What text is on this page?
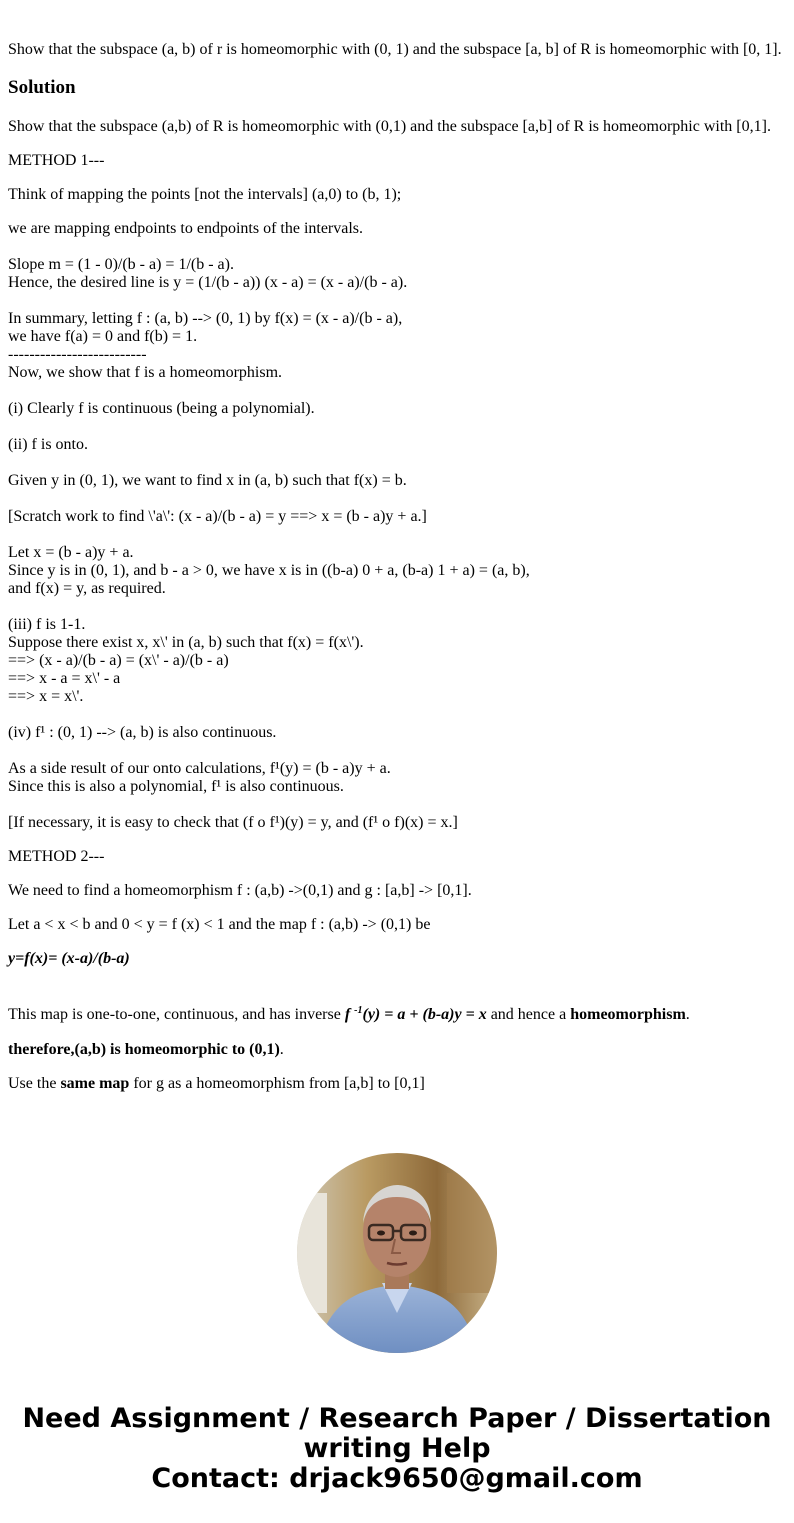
Show that the subspace (a, b) of r is homeomorphic with (0, 1) and the subspace [a, b] of R is homeomorphic with [0, 1].

Solution

Show that the subspace (a,b) of R is homeomorphic with (0,1) and the subspace [a,b] of R is homeomorphic with [0,1].

METHOD 1---

Think of mapping the points [not the intervals] (a,0) to (b, 1);

we are mapping endpoints to endpoints of the intervals.

Slope m = (1 - 0)/(b - a) = 1/(b - a).
Hence, the desired line is y = (1/(b - a)) (x - a) = (x - a)/(b - a).

In summary, letting f : (a, b) --> (0, 1) by f(x) = (x - a)/(b - a),
we have f(a) = 0 and f(b) = 1.
--------------------------
Now, we show that f is a homeomorphism.

(i) Clearly f is continuous (being a polynomial).

(ii) f is onto.

Given y in (0, 1), we want to find x in (a, b) such that f(x) = b.

[Scratch work to find \'a\': (x - a)/(b - a) = y ==> x = (b - a)y + a.]

Let x = (b - a)y + a.
Since y is in (0, 1), and b - a > 0, we have x is in ((b-a) 0 + a, (b-a) 1 + a) = (a, b),
and f(x) = y, as required.

(iii) f is 1-1.
Suppose there exist x, x\' in (a, b) such that f(x) = f(x\').
==> (x - a)/(b - a) = (x\' - a)/(b - a)
==> x - a = x\' - a
==> x = x\'.

(iv) f¹ : (0, 1) --> (a, b) is also continuous.

As a side result of our onto calculations, f¹(y) = (b - a)y + a.
Since this is also a polynomial, f¹ is also continuous.

[If necessary, it is easy to check that (f o f¹)(y) = y, and (f¹ o f)(x) = x.]

METHOD 2---

We need to find a homeomorphism f : (a,b) ->(0,1) and g : [a,b] -> [0,1].

Let a < x < b and 0 < y = f (x) < 1 and the map f : (a,b) -> (0,1) be

y=f(x)= (x-a)/(b-a)

This map is one-to-one, continuous, and has inverse f $^{-1}$(y) = a + (b-a)y = x and hence a homeomorphism.

therefore,(a,b) is homeomorphic to (0,1).

Use the same map for g as a homeomorphism from [a,b] to [0,1]

Need Assignment / Research Paper / Dissertation
writing Help
Contact: drjack9650@gmail.com
